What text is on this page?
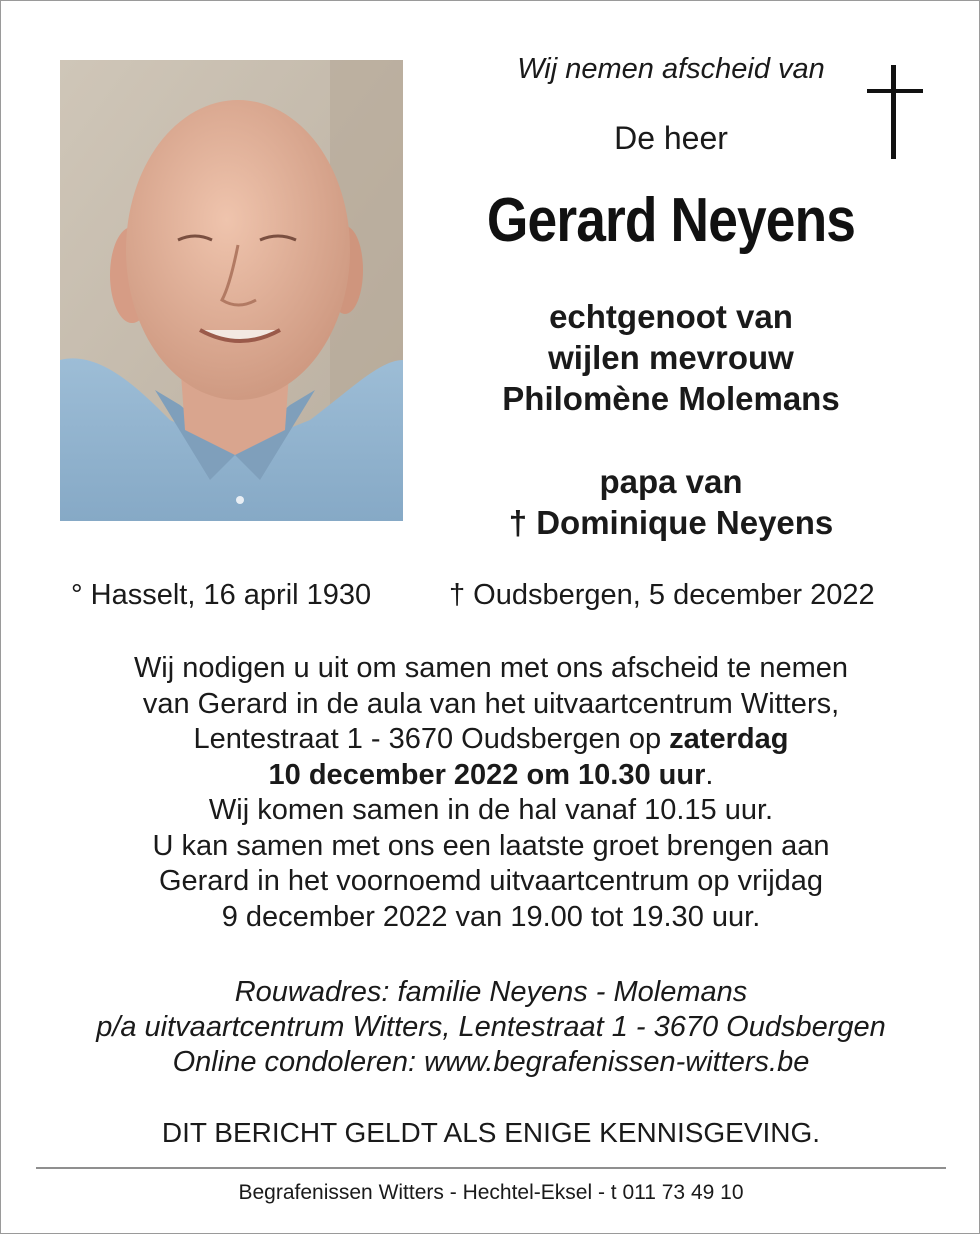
Wij nemen afscheid van
De heer
Gerard Neyens
echtgenoot van
wijlen mevrouw
Philomène Molemans
papa van
† Dominique Neyens
° Hasselt, 16 april 1930	† Oudsbergen, 5 december 2022
Wij nodigen u uit om samen met ons afscheid te nemen
van Gerard in de aula van het uitvaartcentrum Witters,
Lentestraat 1 - 3670 Oudsbergen op zaterdag
10 december 2022 om 10.30 uur.
Wij komen samen in de hal vanaf 10.15 uur.
U kan samen met ons een laatste groet brengen aan
Gerard in het voornoemd uitvaartcentrum op vrijdag
9 december 2022 van 19.00 tot 19.30 uur.
Rouwadres: familie Neyens - Molemans
p/a uitvaartcentrum Witters, Lentestraat 1 - 3670 Oudsbergen
Online condoleren: www.begrafenissen-witters.be
DIT BERICHT GELDT ALS ENIGE KENNISGEVING.
Begrafenissen Witters - Hechtel-Eksel - t 011 73 49 10
